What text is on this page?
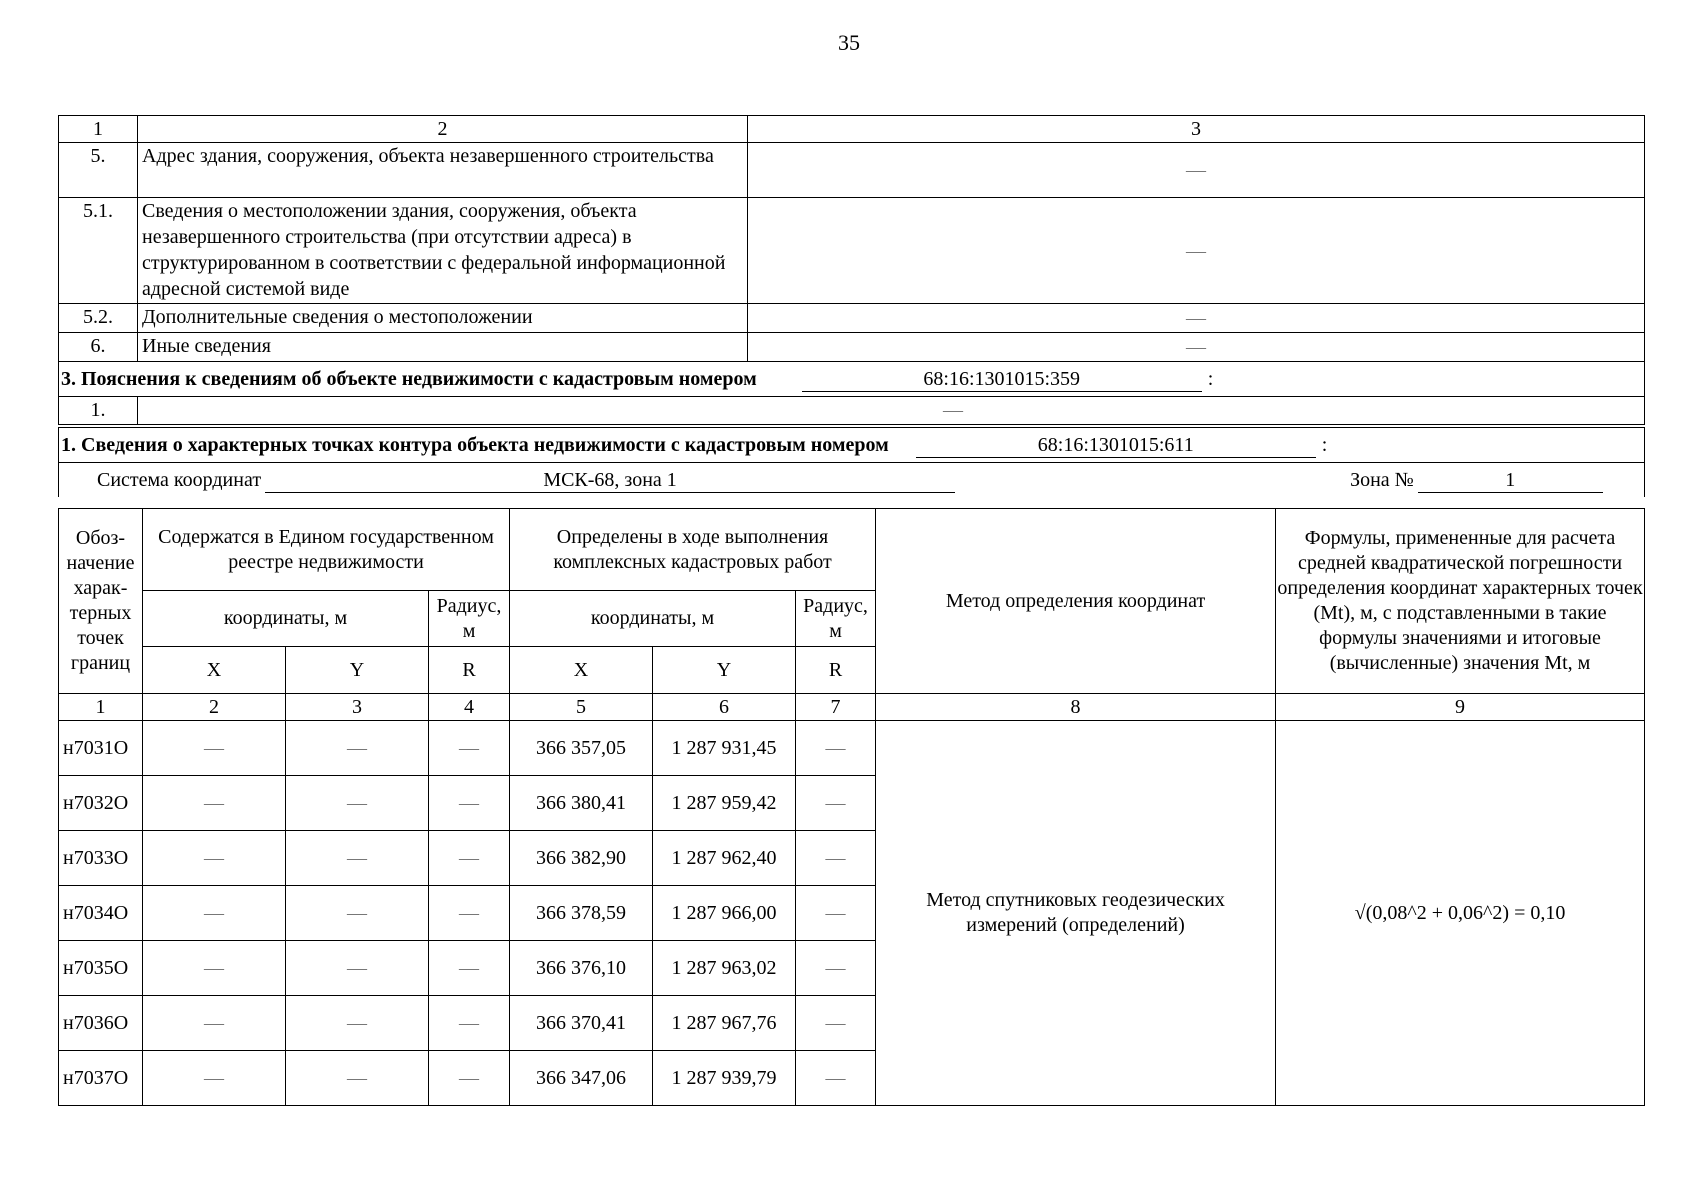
35
1	2	3
5.	Адрес здания, сооружения, объекта незавершенного строительства	—
5.1.	Сведения о местоположении здания, сооружения, объекта незавершенного строительства (при отсутствии адреса) в структурированном в соответствии с федеральной информационной адресной системой виде	—
5.2.	Дополнительные сведения о местоположении	—
6.	Иные сведения	—
3. Пояснения к сведениям об объекте недвижимости с кадастровым номером 68:16:1301015:359 :		
1.	—	
1. Сведения о характерных точках контура объекта недвижимости с кадастровым номером 68:16:1301015:611 :		
Система координат МСК-68, зона 1 Зона № 1		
Обоз-начение харак-терных точек границ	Содержатся в Едином государственном реестре недвижимости			Определены в ходе выполнения комплексных кадастровых работ			Метод определения координат	Формулы, примененные для расчета средней квадратической погрешности определения координат характерных точек (Mt), м, с подставленными в такие формулы значениями и итоговые (вычисленные) значения Mt, м
	координаты, м		Радиус, м	координаты, м		Радиус, м		
	X	Y	R	X	Y	R		
1	2	3	4	5	6	7	8	9
н7031О	—	—	—	366 357,05	1 287 931,45	—	Метод спутниковых геодезических измерений (определений)	√(0,08^2 + 0,06^2) = 0,10
н7032О	—	—	—	366 380,41	1 287 959,42	—		
н7033О	—	—	—	366 382,90	1 287 962,40	—		
н7034О	—	—	—	366 378,59	1 287 966,00	—		
н7035О	—	—	—	366 376,10	1 287 963,02	—		
н7036О	—	—	—	366 370,41	1 287 967,76	—		
н7037О	—	—	—	366 347,06	1 287 939,79	—		
